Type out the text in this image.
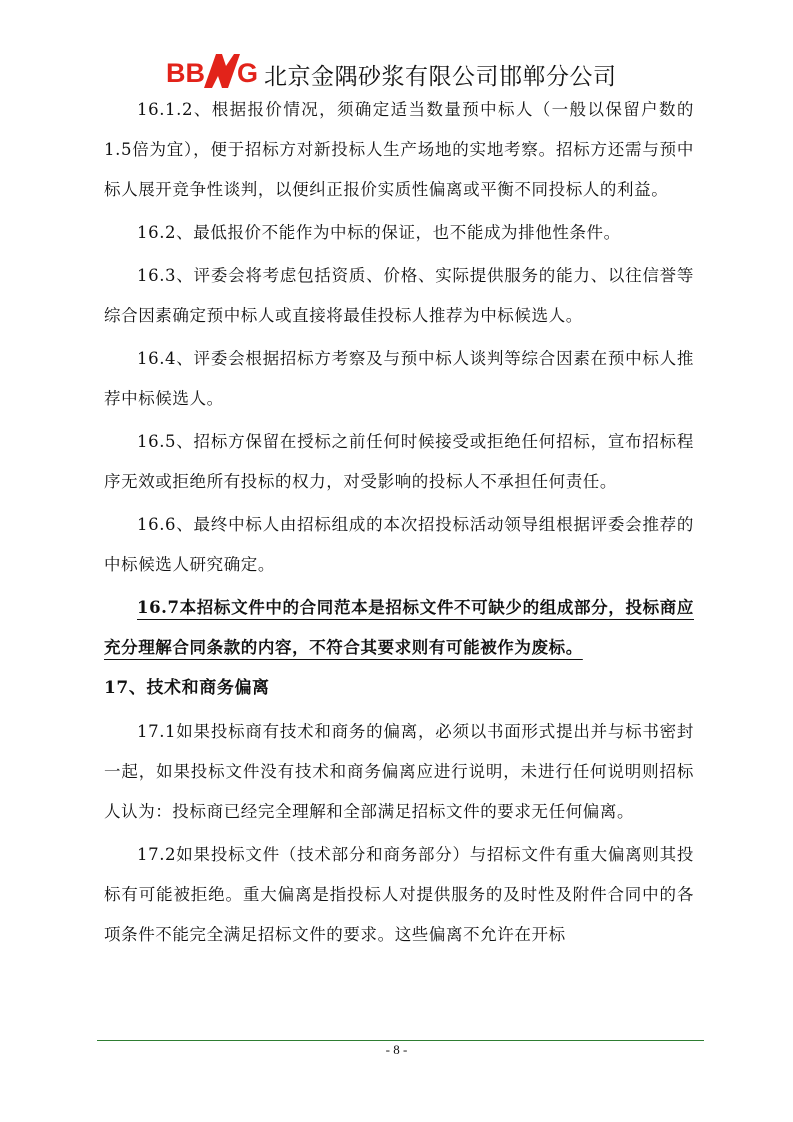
BB G 北京金隅砂浆有限公司邯郸分公司

16.1.2、根据报价情况，须确定适当数量预中标人（一般以保留户数的1.5倍为宜），便于招标方对新投标人生产场地的实地考察。招标方还需与预中标人展开竞争性谈判，以便纠正报价实质性偏离或平衡不同投标人的利益。

16.2、最低报价不能作为中标的保证，也不能成为排他性条件。

16.3、评委会将考虑包括资质、价格、实际提供服务的能力、以往信誉等综合因素确定预中标人或直接将最佳投标人推荐为中标候选人。

16.4、评委会根据招标方考察及与预中标人谈判等综合因素在预中标人推荐中标候选人。

16.5、招标方保留在授标之前任何时候接受或拒绝任何招标，宣布招标程序无效或拒绝所有投标的权力，对受影响的投标人不承担任何责任。

16.6、最终中标人由招标组成的本次招投标活动领导组根据评委会推荐的中标候选人研究确定。

16.7本招标文件中的合同范本是招标文件不可缺少的组成部分，投标商应充分理解合同条款的内容，不符合其要求则有可能被作为废标。

17、技术和商务偏离

17.1如果投标商有技术和商务的偏离，必须以书面形式提出并与标书密封一起，如果投标文件没有技术和商务偏离应进行说明，未进行任何说明则招标人认为：投标商已经完全理解和全部满足招标文件的要求无任何偏离。

17.2如果投标文件（技术部分和商务部分）与招标文件有重大偏离则其投标有可能被拒绝。重大偏离是指投标人对提供服务的及时性及附件合同中的各项条件不能完全满足招标文件的要求。这些偏离不允许在开标

- 8 -
